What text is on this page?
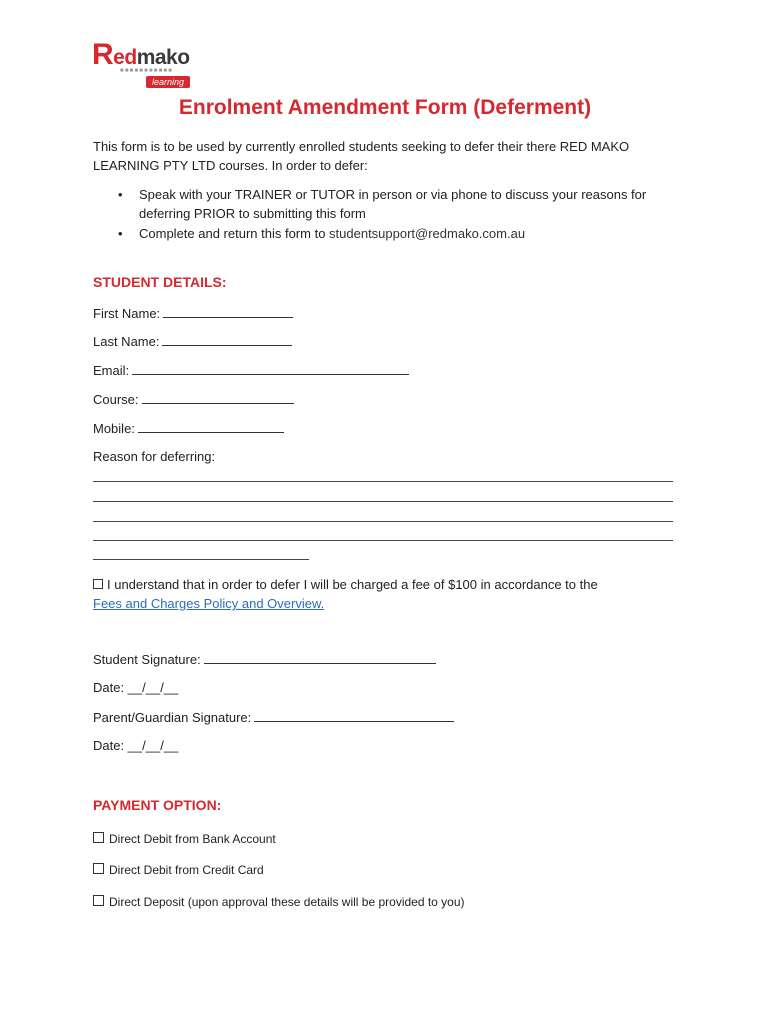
Redmako
■■■■■■■■■■■
learning
Enrolment Amendment Form (Deferment)
This form is to be used by currently enrolled students seeking to defer their there RED MAKO LEARNING PTY LTD courses. In order to defer:
• Speak with your TRAINER or TUTOR in person or via phone to discuss your reasons for deferring PRIOR to submitting this form
• Complete and return this form to studentsupport@redmako.com.au
STUDENT DETAILS:
First Name:
Last Name:
Email:
Course:
Mobile:
Reason for deferring:
I understand that in order to defer I will be charged a fee of $100 in accordance to the
Fees and Charges Policy and Overview.
Student Signature:
Date: __/__/__
Parent/Guardian Signature:
Date: __/__/__
PAYMENT OPTION:
Direct Debit from Bank Account
Direct Debit from Credit Card
Direct Deposit (upon approval these details will be provided to you)
